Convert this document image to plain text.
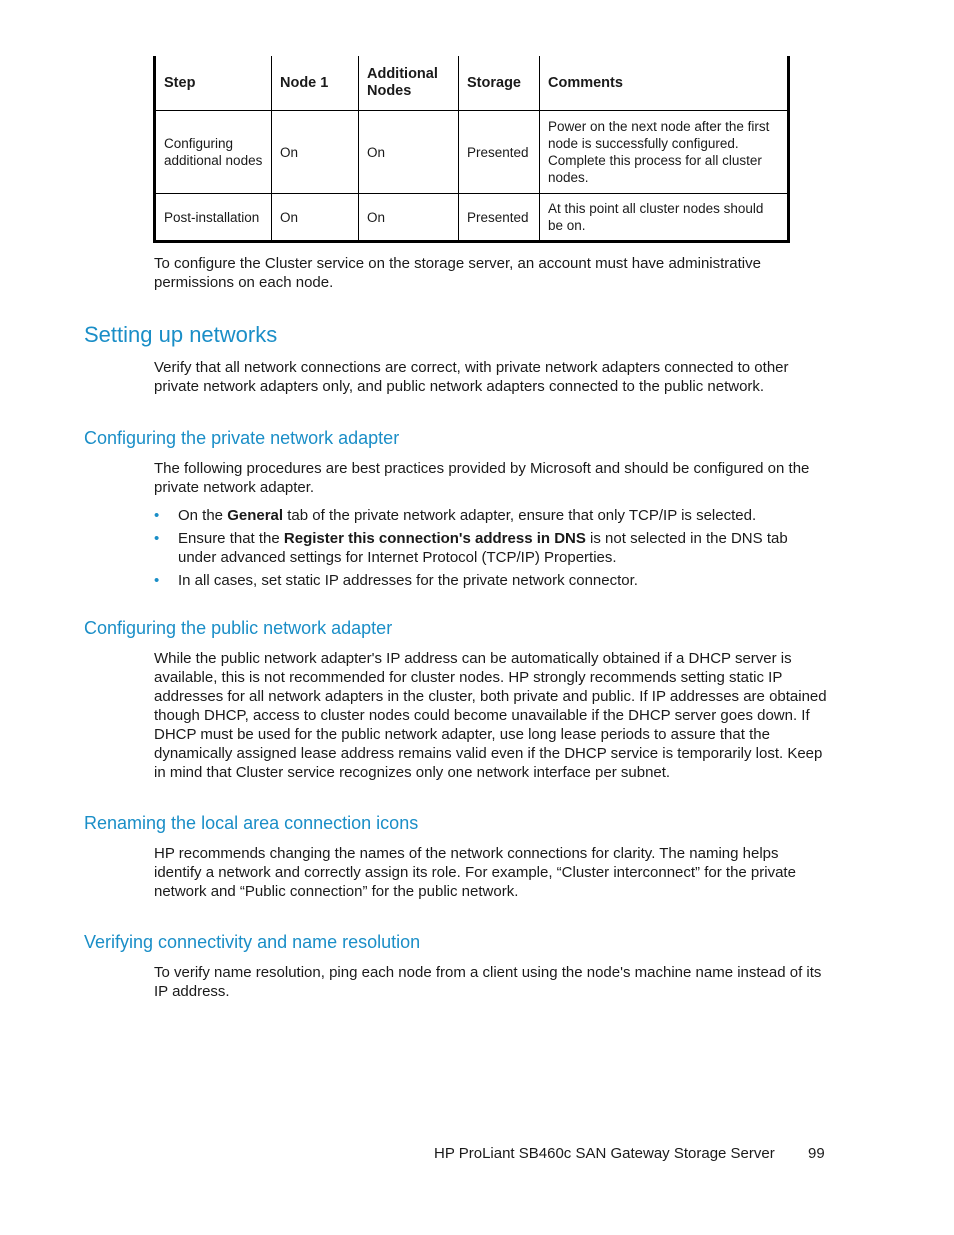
Step	Node 1	Additional Nodes	Storage	Comments
Configuring additional nodes	On	On	Presented	Power on the next node after the first node is successfully configured. Complete this process for all cluster nodes.
Post-installation	On	On	Presented	At this point all cluster nodes should be on.

To configure the Cluster service on the storage server, an account must have administrative permissions on each node.

Setting up networks

Verify that all network connections are correct, with private network adapters connected to other private network adapters only, and public network adapters connected to the public network.

Configuring the private network adapter

The following procedures are best practices provided by Microsoft and should be configured on the private network adapter.

• On the General tab of the private network adapter, ensure that only TCP/IP is selected.
• Ensure that the Register this connection's address in DNS is not selected in the DNS tab under advanced settings for Internet Protocol (TCP/IP) Properties.
• In all cases, set static IP addresses for the private network connector.
Configuring the public network adapter

While the public network adapter's IP address can be automatically obtained if a DHCP server is available, this is not recommended for cluster nodes. HP strongly recommends setting static IP addresses for all network adapters in the cluster, both private and public. If IP addresses are obtained though DHCP, access to cluster nodes could become unavailable if the DHCP server goes down. If DHCP must be used for the public network adapter, use long lease periods to assure that the dynamically assigned lease address remains valid even if the DHCP service is temporarily lost. Keep in mind that Cluster service recognizes only one network interface per subnet.

Renaming the local area connection icons

HP recommends changing the names of the network connections for clarity. The naming helps identify a network and correctly assign its role. For example, “Cluster interconnect” for the private network and “Public connection” for the public network.

Verifying connectivity and name resolution

To verify name resolution, ping each node from a client using the node's machine name instead of its IP address.

HP ProLiant SB460c SAN Gateway Storage Server 99
